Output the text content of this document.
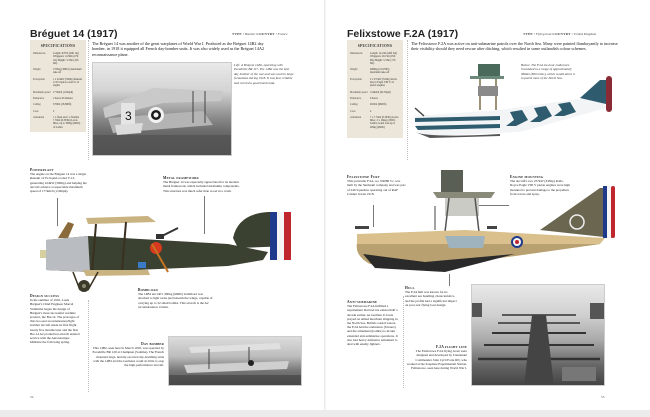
Bréguet 14 (1917)	TYPE • Bomber COUNTRY • France
SPECIFICATIONS
Dimensions	Length: 8.87m (29ft 1in) Wingspan: 14.36m (47ft 1in) Height: 3.33m (10ft 9in)
Weight	1765kg (3891lb) maximum take-off
Powerplant	1 x 224kW (300hp) Renault 12 Fe liquid-cooled V-12 engine
Maximum speed	177km/h (110mph)
Endurance	2 hours 45 minutes
Ceiling	5760m (18,898ft)
Crew	2
Armament	1 x fixed and 1 x flexible 7.7mm (0.303in) Lewis MGs; up to 300kg (660lb) of bombs
The Bréguet 14 was another of the great warplanes of World War I. Produced as the Bréguet 14B2 day bomber, in 1918 it equipped all French day-bomber units. It was also widely used as the Bréguet 14A2 reconnaissance plane.
3
Left: A Bréguet 14B2, operating with Escadrille BR 117. The 14B2 was the best day bomber of the war and was used in large formations during 1918. It was fast, reliable and carried a good bomb load.
Powerplant
The engine on the Bréguet 14 was a single Renault 12 Fe liquid-cooled V-12, generating 224kW (300hp) and helping the aircraft achieve a respectable maximum speed of 177km/h (110mph).
Metal framework
The Bréguet 14 was especially appreciated for its modern metal framework, which included duralumin components. This structure was much safer than wood in a crash.
Bombload
The 14B2 aircraft's 300kg (660lb) bombload was attached to light racks just beneath the wings, capable of carrying up to 32 small bombs. This aircraft is the A2 reconnaissance variant.
Design success
In the summer of 1916, Louis Bréguet's Chief Engineer Marcel Vuillerme began the design of Bréguet's most successful wartime product, the Bre.14. The prototype of this two-seat reconnaissance/light bomber aircraft made its first flight barely five months later and the first Bre.14 A2 production aircraft entered service with the Aéronautique Militaire the following spring.	Day bomber
This 14B2, seen here in March 1918, was operated by Escadrille BR 120 at Champien (Somme). The French mounted large, heavily escorted day-bombing raids with the 14B2 and the Germans could do little to stop the high-performance aircraft.
54
Felixstowe F.2A (1917)	TYPE • Flying boat COUNTRY • United Kingdom
SPECIFICATIONS
Dimensions	Length: 14.10m (46ft 3in) Wingspan: 29.15m (95ft 8in) Height: 5.33m (17ft 6in)
Weight	4980kg (10,978lb) maximum take-off
Powerplant	2 x 257kW (345hp) Rolls-Royce Eagle VIII V-12 piston engines
Maximum speed	154km/h (95.5mph)
Endurance	6 hours
Ceiling	2925m (9600ft)
Crew	4
Armament	7 x 7.7mm (0.303in) Lewis MGs; 2 x 104kg (230lb) bombs; bomb load up to 209kg (460lb)
The Felixstowe F.2A was active on anti-submarine patrols over the North Sea. Many were painted flamboyantly to increase their visibility should they need rescue after ditching, which resulted in some outlandish colour schemes.
Below: The F.2A six-hour endurance translated to a range of approximately 966km (600 miles), which would allow it to patrol most of the North Sea.
Felixstowe Fury
This particular F.2A, no. N4080 'G', was built by the Sunbeam company and was part of 240 Squadron operating out of RAF Calshot in late 1918.
Engine mounting
The aircraft's two 257kW (345hp) Rolls-Royce Eagle VIII V piston engines were high mounted to prevent damage to the propellers from waves and spray.
Hull
The F.2A hull was known for its excellent sea handling characteristics, and the profile had a significant impact on post-war flying boat design.
Anti-submarine
The Felixstowe F.2A fulfilled a requirement that had not existed half a decade earlier. As German U-boats preyed on Allied merchant shipping in the North Sea, British coastal waters, the F.2A had the endurance (6 hours) and the armament (bombs) to mount extended anti-submarine operations. It also had heavy defensive armament to deal with enemy fighters.
F.2A flight line
The Felixstowe F.2A flying boats were designed and developed by Lieutenant Commander John Cyril Porte RN, who worked at the Seaplane Experimental Station, Felixstowe, seen here during World War I.
55
